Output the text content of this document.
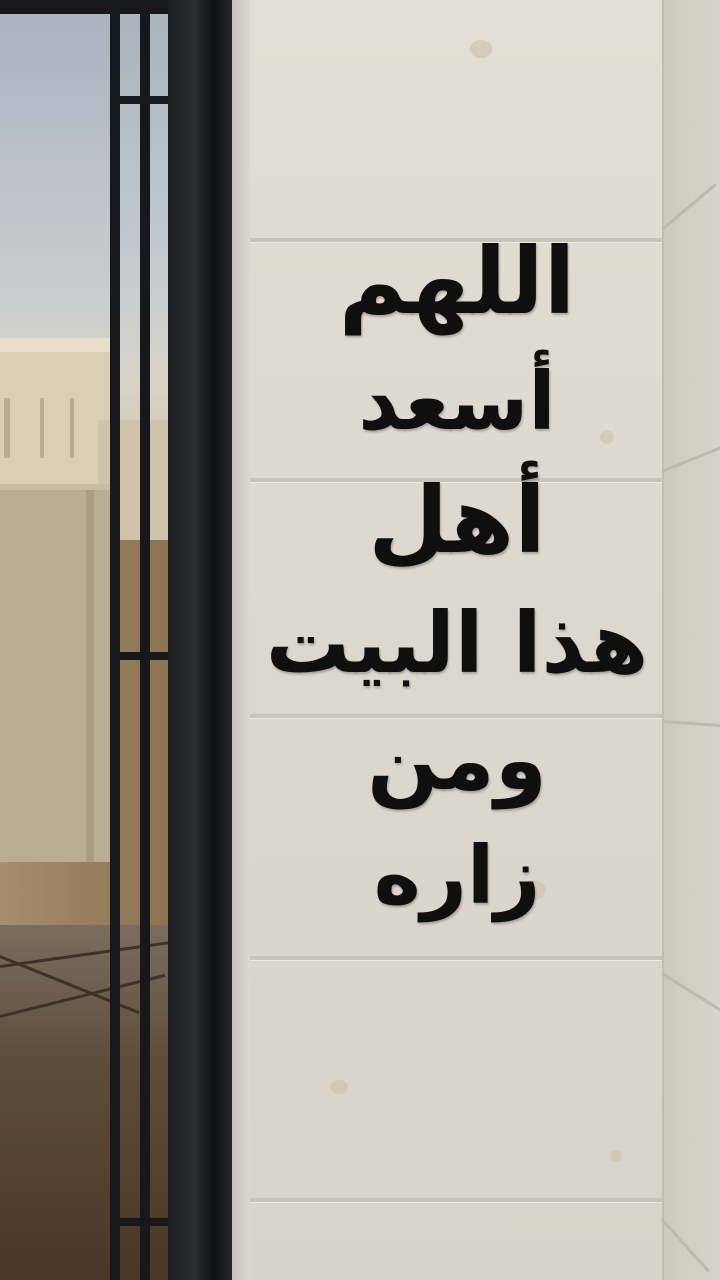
اللهم
أسعد
أهل
هذا البيت
ومن
زاره
